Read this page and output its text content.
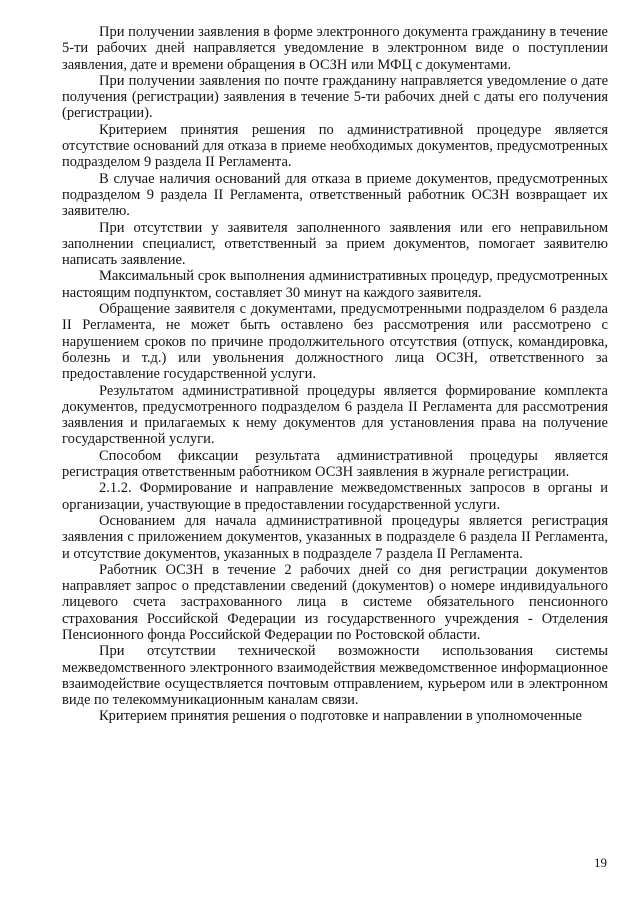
При получении заявления в форме электронного документа гражданину в течение 5-ти рабочих дней направляется уведомление в электронном виде о поступлении заявления, дате и времени обращения в ОСЗН или МФЦ с документами.

При получении заявления по почте гражданину направляется уведомление о дате получения (регистрации) заявления в течение 5-ти рабочих дней с даты его получения (регистрации).

Критерием принятия решения по административной процедуре является отсутствие оснований для отказа в приеме необходимых документов, предусмотренных подразделом 9 раздела II Регламента.

В случае наличия оснований для отказа в приеме документов, предусмотренных подразделом 9 раздела II Регламента, ответственный работник ОСЗН возвращает их заявителю.

При отсутствии у заявителя заполненного заявления или его неправильном заполнении специалист, ответственный за прием документов, помогает заявителю написать заявление.

Максимальный срок выполнения административных процедур, предусмотренных настоящим подпунктом, составляет 30 минут на каждого заявителя.

Обращение заявителя с документами, предусмотренными подразделом 6 раздела II Регламента, не может быть оставлено без рассмотрения или рассмотрено с нарушением сроков по причине продолжительного отсутствия (отпуск, командировка, болезнь и т.д.) или увольнения должностного лица ОСЗН, ответственного за предоставление государственной услуги.

Результатом административной процедуры является формирование комплекта документов, предусмотренного подразделом 6 раздела II Регламента для рассмотрения заявления и прилагаемых к нему документов для установления права на получение государственной услуги.

Способом фиксации результата административной процедуры является регистрация ответственным работником ОСЗН заявления в журнале регистрации.

2.1.2. Формирование и направление межведомственных запросов в органы и организации, участвующие в предоставлении государственной услуги.

Основанием для начала административной процедуры является регистрация заявления с приложением документов, указанных в подразделе 6 раздела II Регламента, и отсутствие документов, указанных в подразделе 7 раздела II Регламента.

Работник ОСЗН в течение 2 рабочих дней со дня регистрации документов направляет запрос о представлении сведений (документов) о номере индивидуального лицевого счета застрахованного лица в системе обязательного пенсионного страхования Российской Федерации из государственного учреждения - Отделения Пенсионного фонда Российской Федерации по Ростовской области.

При отсутствии технической возможности использования системы межведомственного электронного взаимодействия межведомственное информационное взаимодействие осуществляется почтовым отправлением, курьером или в электронном виде по телекоммуникационным каналам связи.

Критерием принятия решения о подготовке и направлении в уполномоченные

19
